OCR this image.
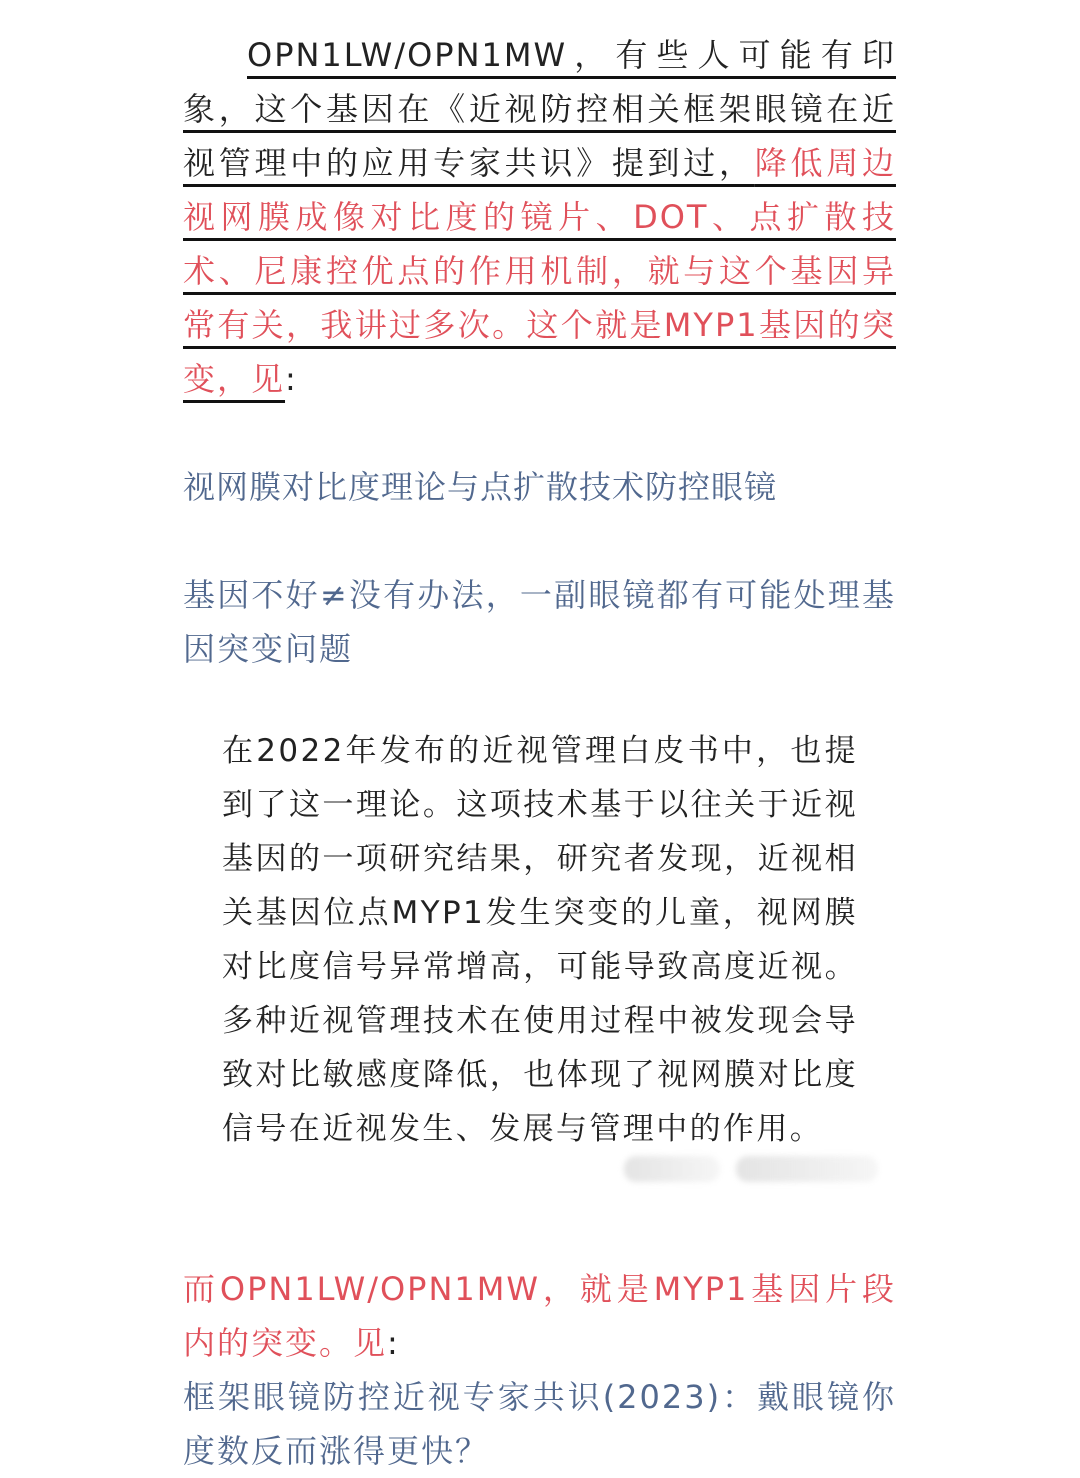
OPN1LW/OPN1MW，有些人可能有印象，这个基因在《近视防控相关框架眼镜在近视管理中的应用专家共识》提到过，降低周边视网膜成像对比度的镜片、DOT、点扩散技术、尼康控优点的作用机制，就与这个基因异常有关，我讲过多次。这个就是MYP1基因的突变，见:
视网膜对比度理论与点扩散技术防控眼镜
基因不好≠没有办法，一副眼镜都有可能处理基因突变问题
在2022年发布的近视管理白皮书中，也提到了这一理论。这项技术基于以往关于近视基因的一项研究结果，研究者发现，近视相关基因位点MYP1发生突变的儿童，视网膜对比度信号异常增高，可能导致高度近视。多种近视管理技术在使用过程中被发现会导致对比敏感度降低，也体现了视网膜对比度信号在近视发生、发展与管理中的作用。
而OPN1LW/OPN1MW，就是MYP1基因片段内的突变。见:
框架眼镜防控近视专家共识(2023)：戴眼镜你度数反而涨得更快？
